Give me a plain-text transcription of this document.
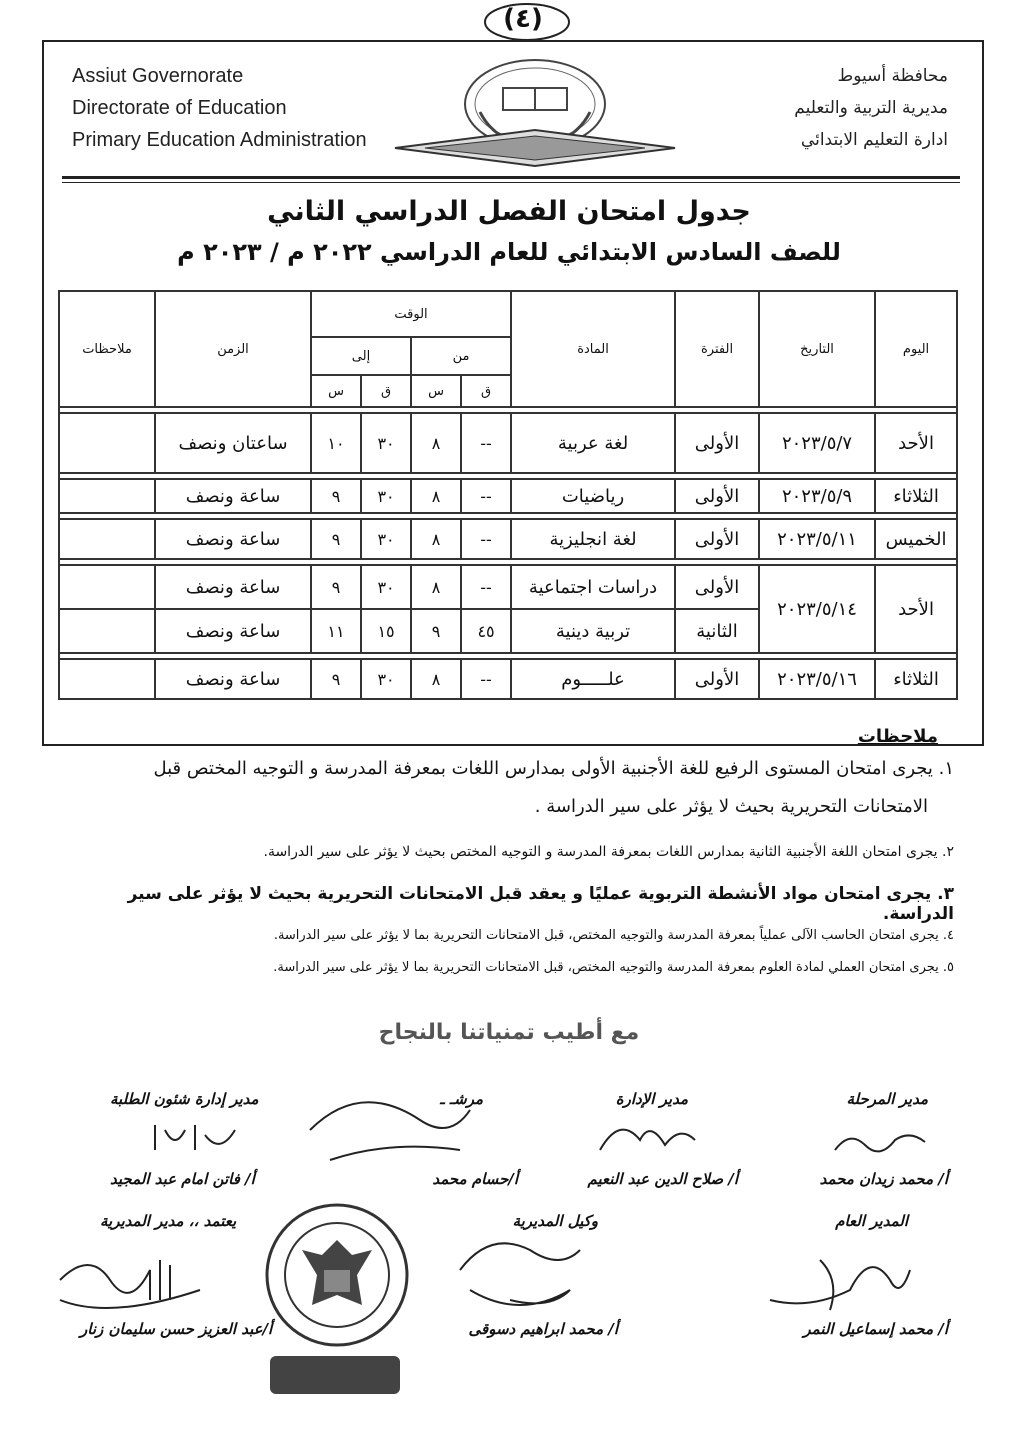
(٤)
Assiut Governorate
Directorate of Education
Primary Education Administration
محافظة أسيوط
مديرية التربية والتعليم
ادارة التعليم الابتدائي
جدول امتحان الفصل الدراسي الثاني
للصف السادس الابتدائي للعام الدراسي ٢٠٢٢ م / ٢٠٢٣ م
اليوم	التاريخ	الفترة	المادة	الوقت				الزمن	ملاحظات
				من		إلى			
				ق	س	ق	س		

الأحد	٢٠٢٣/٥/٧	الأولى	لغة عربية	--	٨	٣٠	١٠	ساعتان ونصف	

الثلاثاء	٢٠٢٣/٥/٩	الأولى	رياضيات	--	٨	٣٠	٩	ساعة ونصف	

الخميس	٢٠٢٣/٥/١١	الأولى	لغة انجليزية	--	٨	٣٠	٩	ساعة ونصف	

الأحد	٢٠٢٣/٥/١٤	الأولى	دراسات اجتماعية	--	٨	٣٠	٩	ساعة ونصف	
		الثانية	تربية دينية	٤٥	٩	١٥	١١	ساعة ونصف	

الثلاثاء	٢٠٢٣/٥/١٦	الأولى	علـــــوم	--	٨	٣٠	٩	ساعة ونصف	
ملاحظات
١. يجرى امتحان المستوى الرفيع للغة الأجنبية الأولى بمدارس اللغات بمعرفة المدرسة و التوجيه المختص قبل
الامتحانات التحريرية بحيث لا يؤثر على سير الدراسة .
٢. يجرى امتحان اللغة الأجنبية الثانية بمدارس اللغات بمعرفة المدرسة و التوجيه المختص بحيث لا يؤثر على سير الدراسة.
٣. يجرى امتحان مواد الأنشطة التربوية عمليًا و يعقد قبل الامتحانات التحريرية بحيث لا يؤثر على سير الدراسة.
٤. يجرى امتحان الحاسب الآلى عملياً بمعرفة المدرسة والتوجيه المختص، قبل الامتحانات التحريرية بما لا يؤثر على سير الدراسة.
٥. يجرى امتحان العملي لمادة العلوم بمعرفة المدرسة والتوجيه المختص، قبل الامتحانات التحريرية بما لا يؤثر على سير الدراسة.
مع أطيب تمنياتنا بالنجاح
مدير المرحلة
أ/ محمد زيدان محمد
مدير الإدارة
أ/ صلاح الدين عبد النعيم
مرشـ ـ
أ/حسام محمد
مدير إدارة شئون الطلبة
أ/ فاتن امام عبد المجيد
المدير العام
أ/ محمد إسماعيل النمر
وكيل المديرية
أ/ محمد ابراهيم دسوقى
يعتمد ،، مدير المديرية
أ/عبد العزيز حسن سليمان زنار
